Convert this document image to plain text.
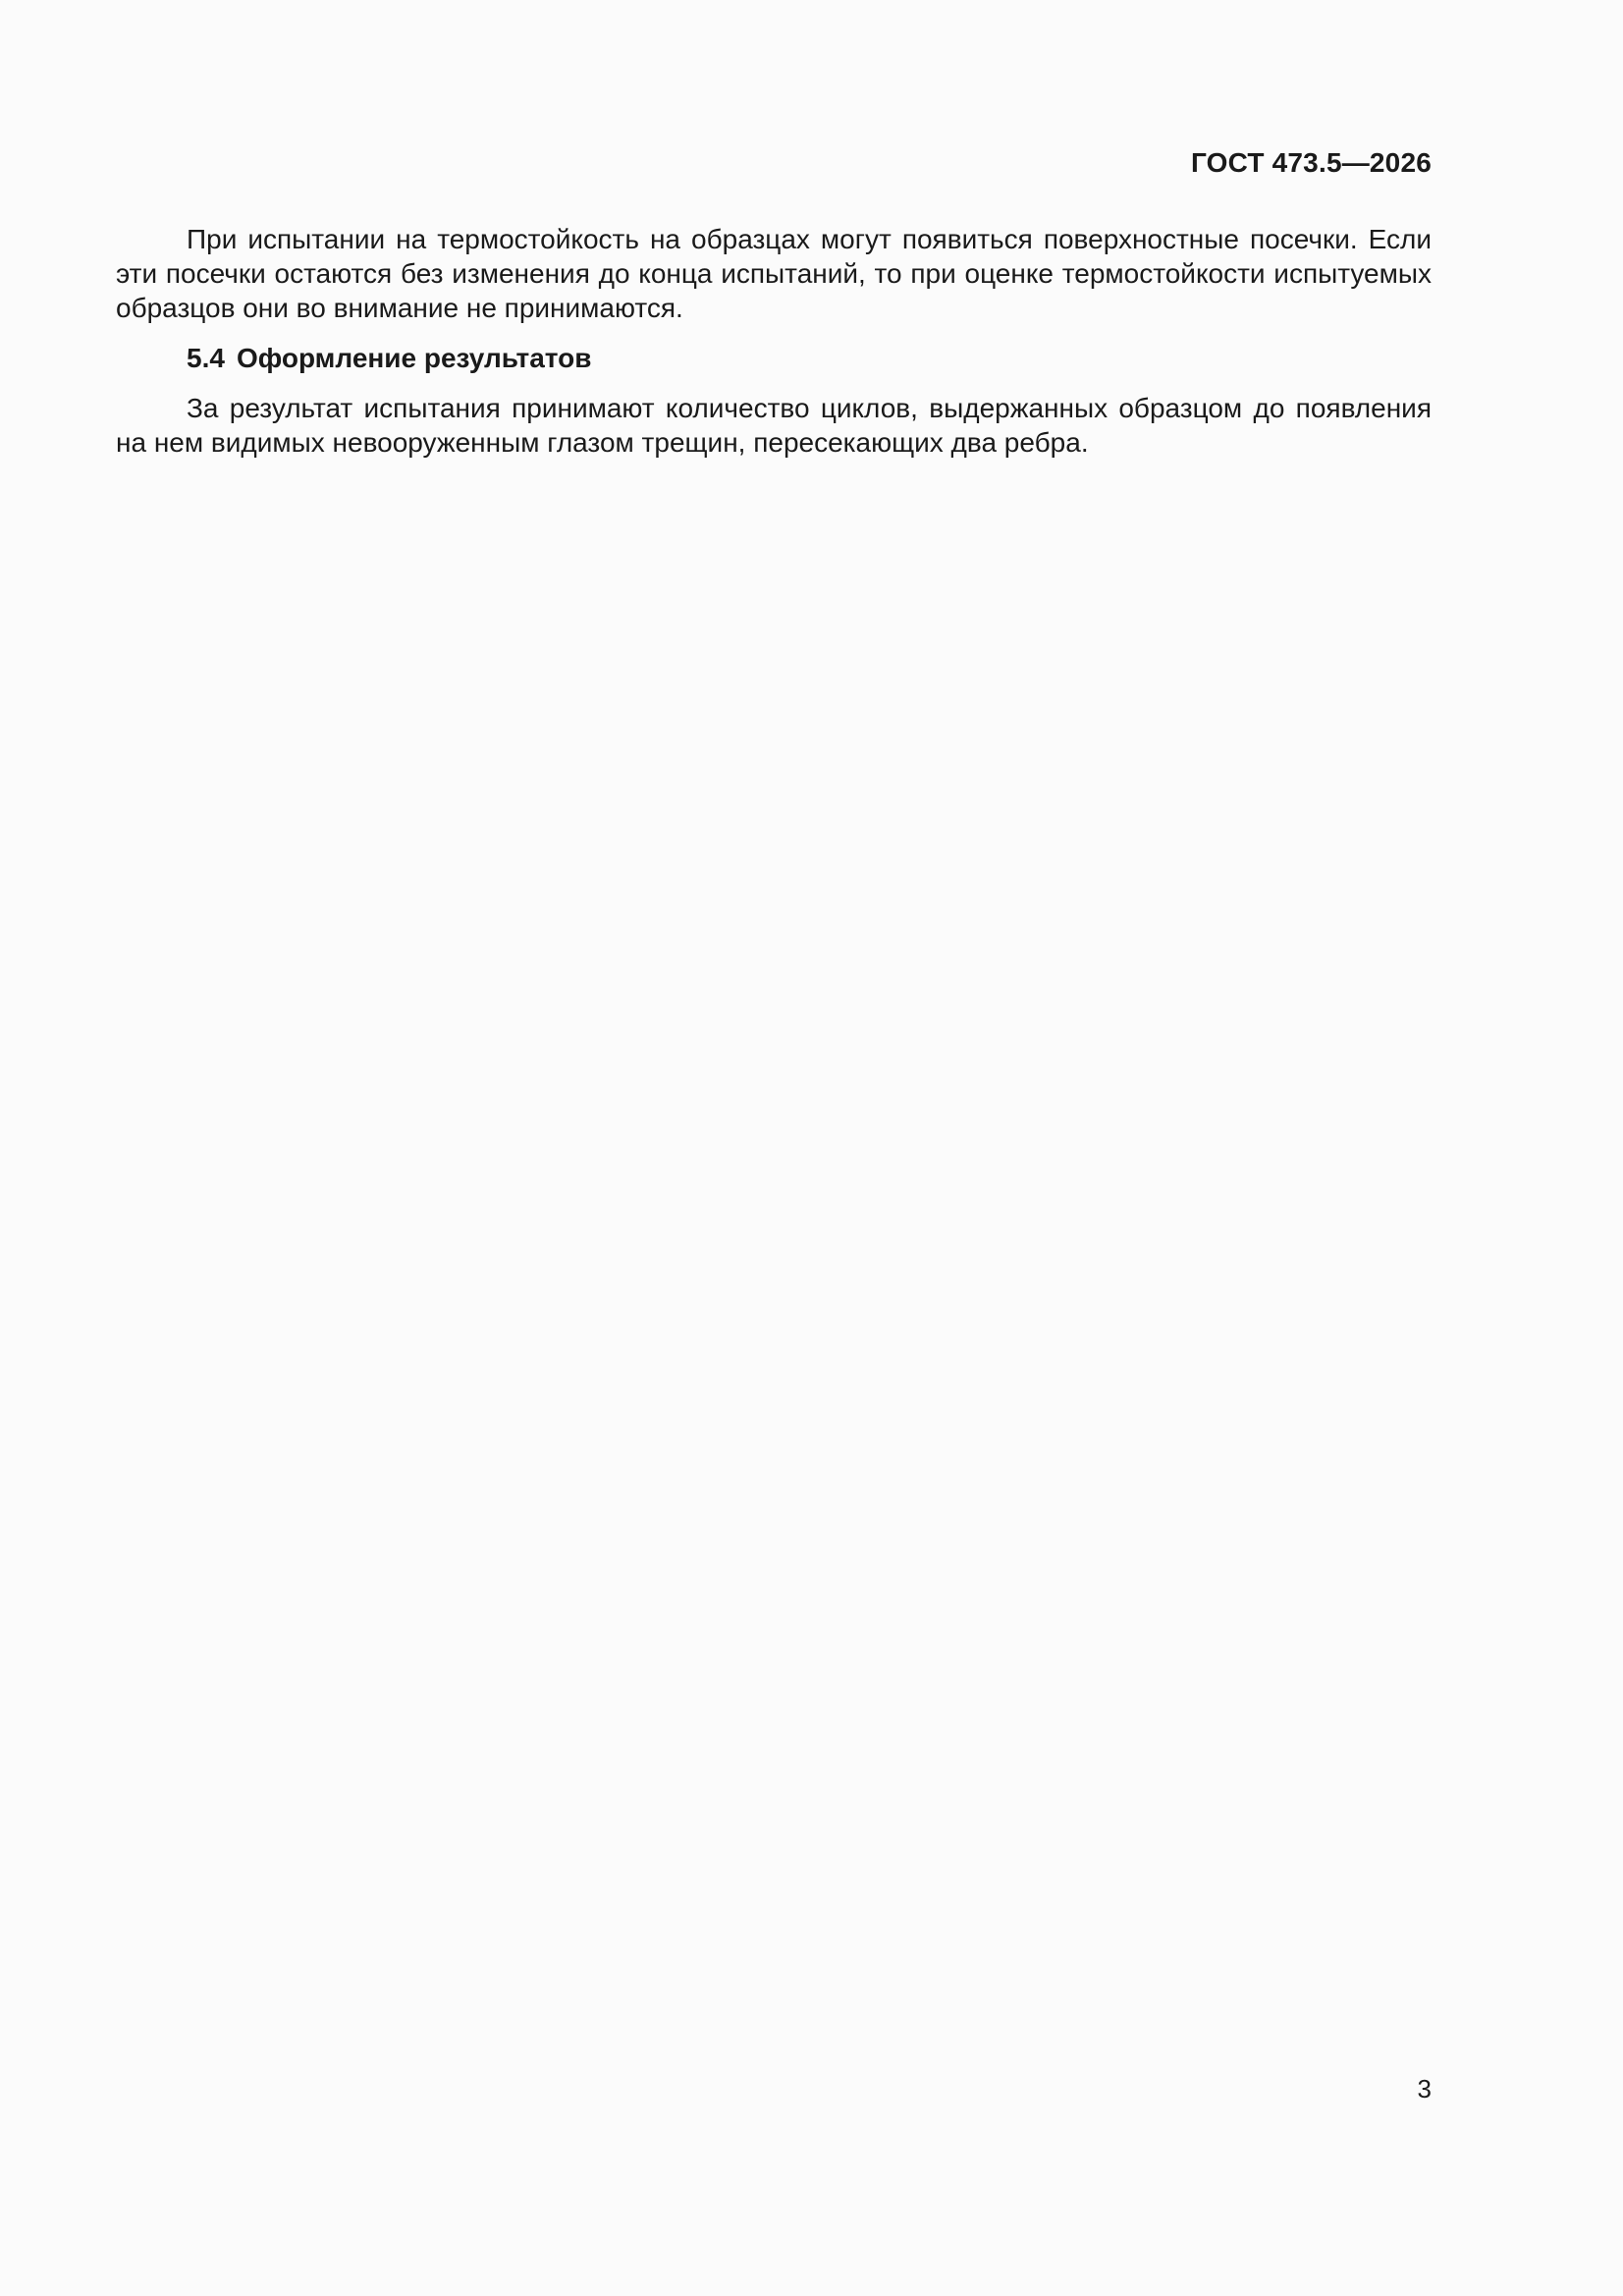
ГОСТ 473.5—2026

При испытании на термостойкость на образцах могут появиться поверхностные посечки. Если эти посечки остаются без изменения до конца испытаний, то при оценке термостойкости испытуемых образцов они во внимание не принимаются.

5.4 Оформление результатов

За результат испытания принимают количество циклов, выдержанных образцом до появления на нем видимых невооруженным глазом трещин, пересекающих два ребра.

3
